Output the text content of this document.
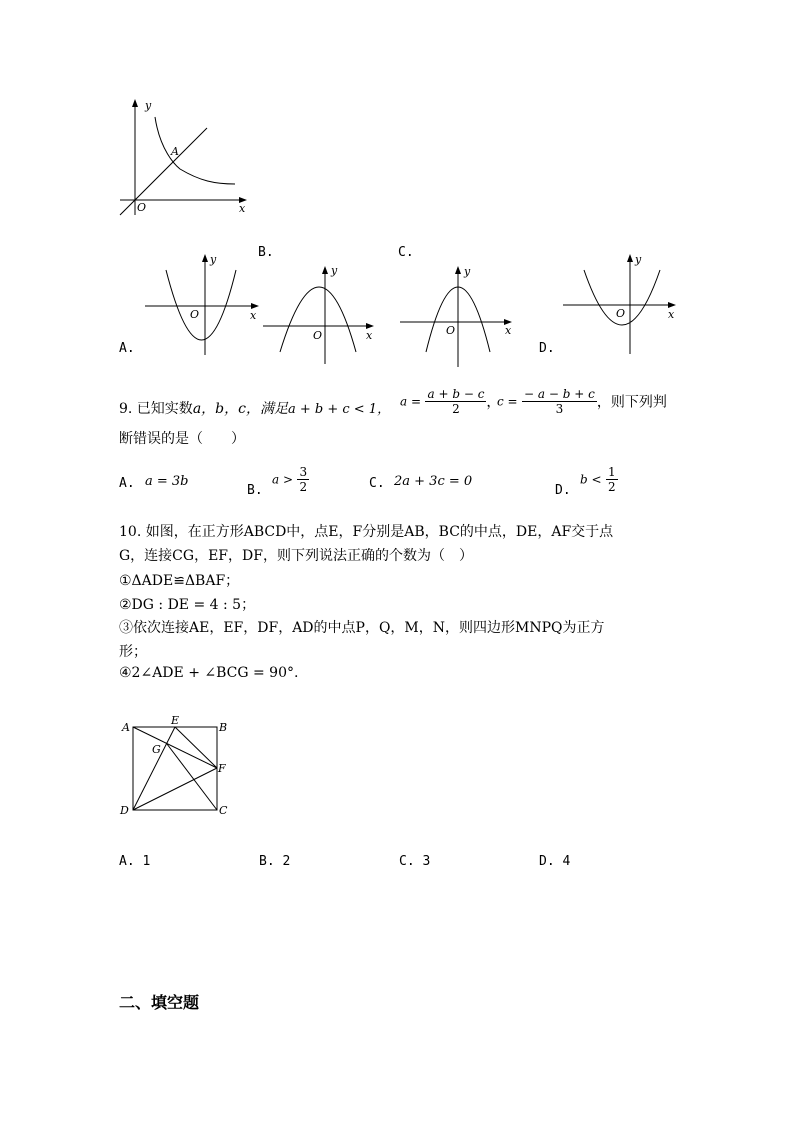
y
A
O	x
B.	C.
y
O	x
A.
y
O	x
y
O	x
y
O	x
D.
9. 已知实数a，b，c，满足a + b + c < 1，
$a = \frac{a + b - c}{2}$ ，
$c = \frac{- a - b + c}{3}$ ，则下列判
断错误的是（　　）
A. a = 3b
B.
$a > \frac{3}{2}$	C. 2a + 3c = 0
D.
$b < \frac{1}{2}$
10. 如图，在正方形ABCD中，点E，F分别是AB，BC的中点，DE，AF交于点
G，连接CG，EF，DF，则下列说法正确的个数为（　）
①ΔADE≌ΔBAF；
②DG : DE = 4 : 5；
③依次连接AE，EF，DF，AD的中点P，Q，M，N，则四边形MNPQ为正方
形；
④2∠ADE + ∠BCG = 90°.
A
E
B
G
F
D	C
A. 1	B. 2	C. 3	D. 4
二、填空题
